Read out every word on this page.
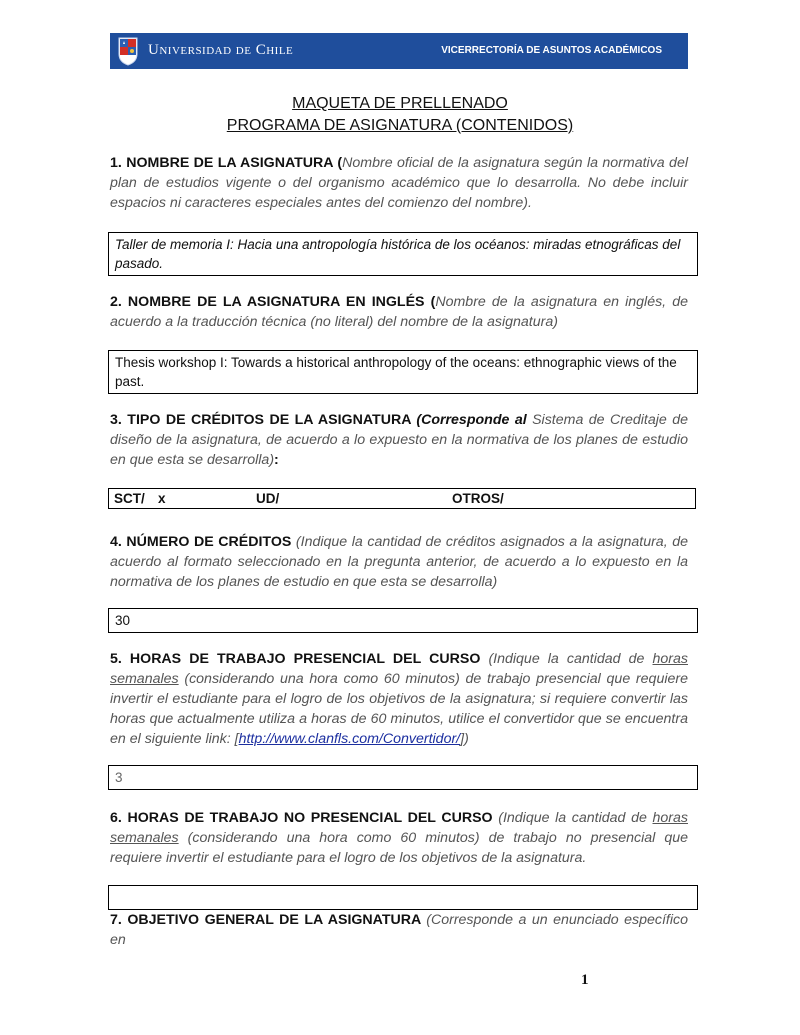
Universidad de Chile	VICERRECTORÍA DE ASUNTOS ACADÉMICOS
MAQUETA DE PRELLENADO
PROGRAMA DE ASIGNATURA (CONTENIDOS)

1. NOMBRE DE LA ASIGNATURA (Nombre oficial de la asignatura según la normativa del plan de estudios vigente o del organismo académico que lo desarrolla. No debe incluir espacios ni caracteres especiales antes del comienzo del nombre).

Taller de memoria I: Hacia una antropología histórica de los océanos: miradas etnográficas del pasado.

2. NOMBRE DE LA ASIGNATURA EN INGLÉS (Nombre de la asignatura en inglés, de acuerdo a la traducción técnica (no literal) del nombre de la asignatura)

Thesis workshop I: Towards a historical anthropology of the oceans: ethnographic views of the past.

3. TIPO DE CRÉDITOS DE LA ASIGNATURA (Corresponde al Sistema de Creditaje de diseño de la asignatura, de acuerdo a lo expuesto en la normativa de los planes de estudio en que esta se desarrolla):

SCT/ x	UD/	OTROS/

4. NÚMERO DE CRÉDITOS (Indique la cantidad de créditos asignados a la asignatura, de acuerdo al formato seleccionado en la pregunta anterior, de acuerdo a lo expuesto en la normativa de los planes de estudio en que esta se desarrolla)

30

5. HORAS DE TRABAJO PRESENCIAL DEL CURSO (Indique la cantidad de horas semanales (considerando una hora como 60 minutos) de trabajo presencial que requiere invertir el estudiante para el logro de los objetivos de la asignatura; si requiere convertir las horas que actualmente utiliza a horas de 60 minutos, utilice el convertidor que se encuentra en el siguiente link: [http://www.clanfls.com/Convertidor/])

3

6. HORAS DE TRABAJO NO PRESENCIAL DEL CURSO (Indique la cantidad de horas semanales (considerando una hora como 60 minutos) de trabajo no presencial que requiere invertir el estudiante para el logro de los objetivos de la asignatura.

7. OBJETIVO GENERAL DE LA ASIGNATURA (Corresponde a un enunciado específico en

1
